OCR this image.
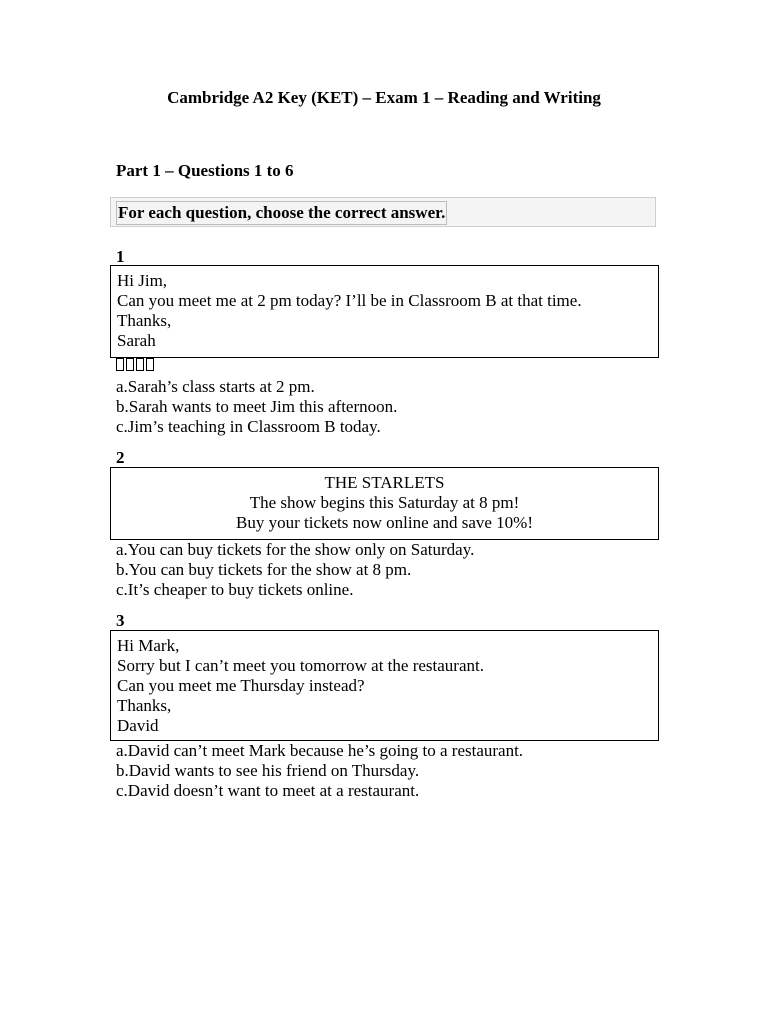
Cambridge A2 Key (KET) – Exam 1 – Reading and Writing
Part 1 – Questions 1 to 6
For each question, choose the correct answer.
1
Hi Jim,
Can you meet me at 2 pm today? I’ll be in Classroom B at that time.
Thanks,
Sarah
a.Sarah’s class starts at 2 pm.
b.Sarah wants to meet Jim this afternoon.
c.Jim’s teaching in Classroom B today.
2
THE STARLETS
The show begins this Saturday at 8 pm!
Buy your tickets now online and save 10%!
a.You can buy tickets for the show only on Saturday.
b.You can buy tickets for the show at 8 pm.
c.It’s cheaper to buy tickets online.
3
Hi Mark,
Sorry but I can’t meet you tomorrow at the restaurant.
Can you meet me Thursday instead?
Thanks,
David
a.David can’t meet Mark because he’s going to a restaurant.
b.David wants to see his friend on Thursday.
c.David doesn’t want to meet at a restaurant.
